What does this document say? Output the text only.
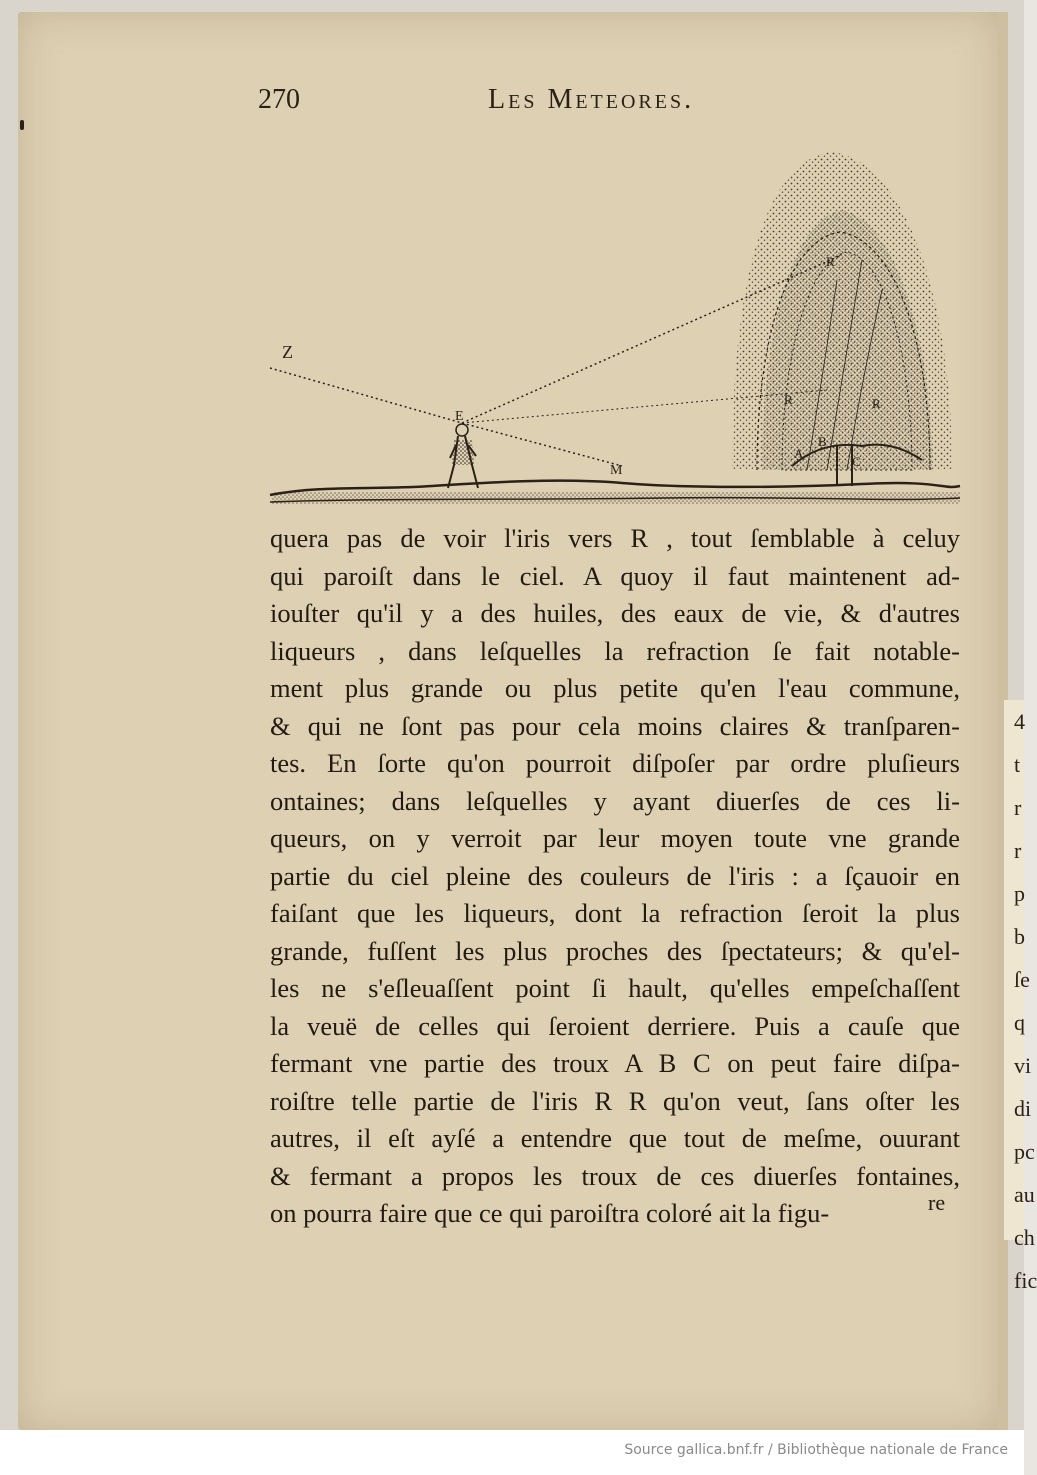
4
t
r
r
p
b
ſe
q
vi
di
pc
au
ch
fic
270	Les Meteores.
Z
E
M
R
R	R
A
B
C
quera pas de voir l'iris vers R , tout ſemblable à celuy
qui paroiſt dans le ciel. A quoy il faut maintenent ad-
iouſter qu'il y a des huiles, des eaux de vie, & d'autres
liqueurs , dans leſquelles la refraction ſe fait notable-
ment plus grande ou plus petite qu'en l'eau commune,
& qui ne ſont pas pour cela moins claires & tranſparen-
tes. En ſorte qu'on pourroit diſpoſer par ordre pluſieurs
ontaines; dans leſquelles y ayant diuerſes de ces li-
queurs, on y verroit par leur moyen toute vne grande
partie du ciel pleine des couleurs de l'iris : a ſçauoir en
faiſant que les liqueurs, dont la refraction ſeroit la plus
grande, fuſſent les plus proches des ſpectateurs; & qu'el-
les ne s'eſleuaſſent point ſi hault, qu'elles empeſchaſſent
la veuë de celles qui ſeroient derriere. Puis a cauſe que
fermant vne partie des troux A B C on peut faire diſpa-
roiſtre telle partie de l'iris R R qu'on veut, ſans oſter les
autres, il eſt ayſé a entendre que tout de meſme, ouurant
& fermant a propos les troux de ces diuerſes fontaines,
on pourra faire que ce qui paroiſtra coloré ait la figu-	re
Source gallica.bnf.fr / Bibliothèque nationale de France
